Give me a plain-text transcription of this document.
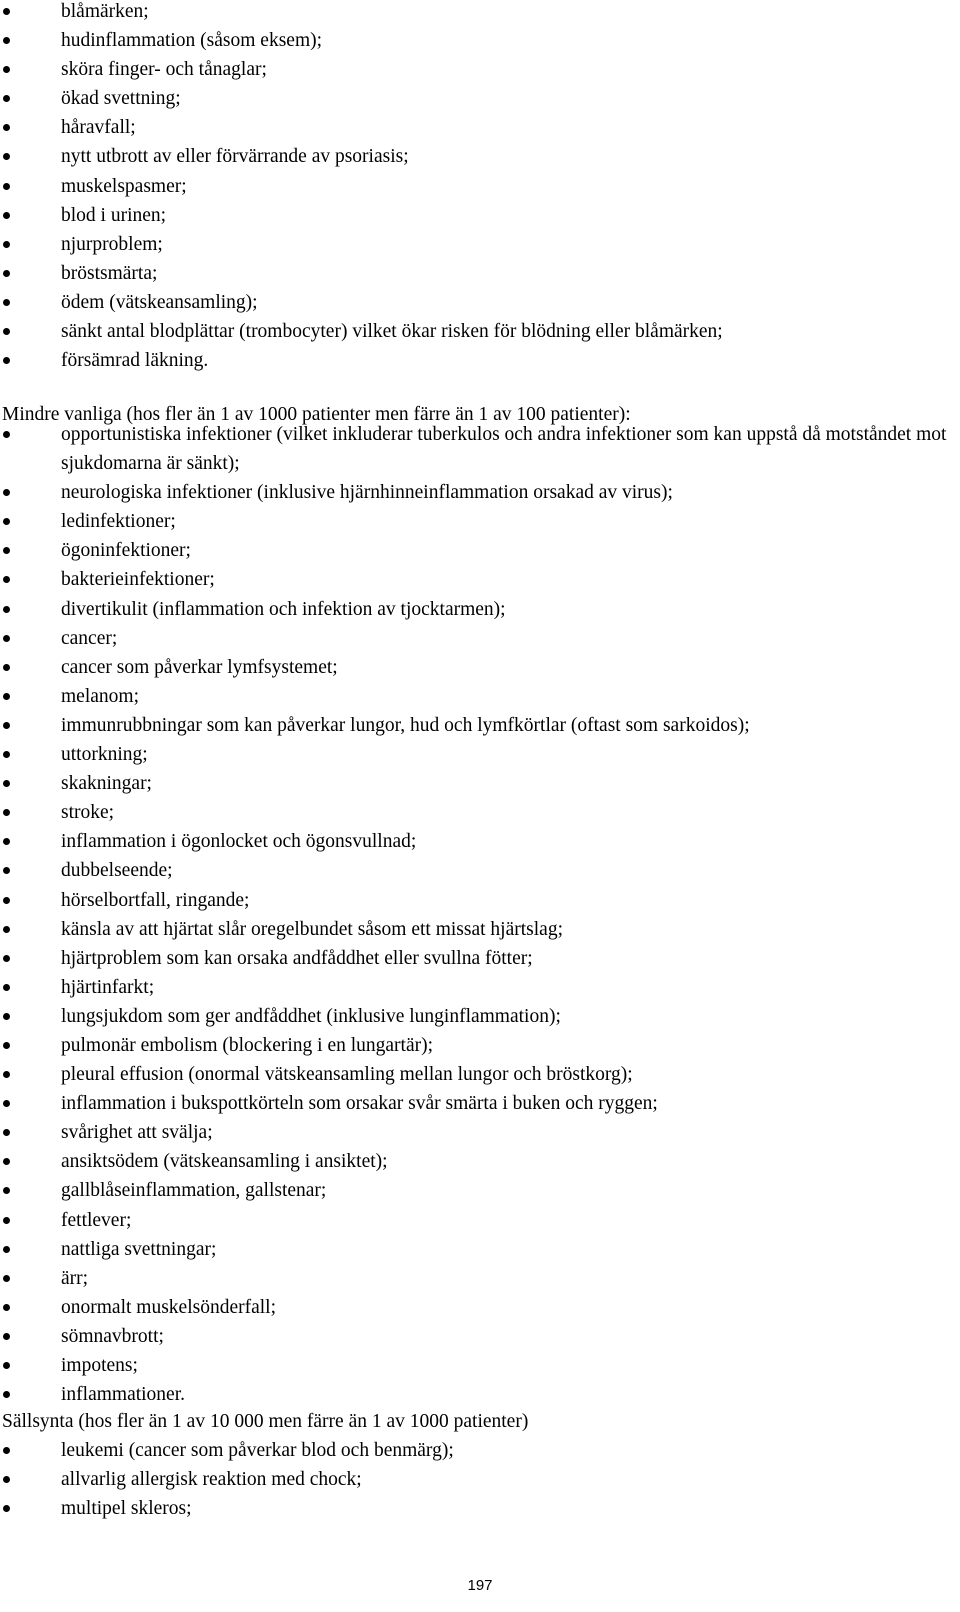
blåmärken;
hudinflammation (såsom eksem);
sköra finger- och tånaglar;
ökad svettning;
håravfall;
nytt utbrott av eller förvärrande av psoriasis;
muskelspasmer;
blod i urinen;
njurproblem;
bröstsmärta;
ödem (vätskeansamling);
sänkt antal blodplättar (trombocyter) vilket ökar risken för blödning eller blåmärken;
försämrad läkning.
Mindre vanliga (hos fler än 1 av 1000 patienter men färre än 1 av 100 patienter):
opportunistiska infektioner (vilket inkluderar tuberkulos och andra infektioner som kan uppstå då motståndet mot sjukdomarna är sänkt);
neurologiska infektioner (inklusive hjärnhinneinflammation orsakad av virus);
ledinfektioner;
ögoninfektioner;
bakterieinfektioner;
divertikulit (inflammation och infektion av tjocktarmen);
cancer;
cancer som påverkar lymfsystemet;
melanom;
immunrubbningar som kan påverkar lungor, hud och lymfkörtlar (oftast som sarkoidos);
uttorkning;
skakningar;
stroke;
inflammation i ögonlocket och ögonsvullnad;
dubbelseende;
hörselbortfall, ringande;
känsla av att hjärtat slår oregelbundet såsom ett missat hjärtslag;
hjärtproblem som kan orsaka andfåddhet eller svullna fötter;
hjärtinfarkt;
lungsjukdom som ger andfåddhet (inklusive lunginflammation);
pulmonär embolism (blockering i en lungartär);
pleural effusion (onormal vätskeansamling mellan lungor och bröstkorg);
inflammation i bukspottkörteln som orsakar svår smärta i buken och ryggen;
svårighet att svälja;
ansiktsödem (vätskeansamling i ansiktet);
gallblåseinflammation, gallstenar;
fettlever;
nattliga svettningar;
ärr;
onormalt muskelsönderfall;
sömnavbrott;
impotens;
inflammationer.
Sällsynta (hos fler än 1 av 10 000 men färre än 1 av 1000 patienter)
leukemi (cancer som påverkar blod och benmärg);
allvarlig allergisk reaktion med chock;
multipel skleros;
197
